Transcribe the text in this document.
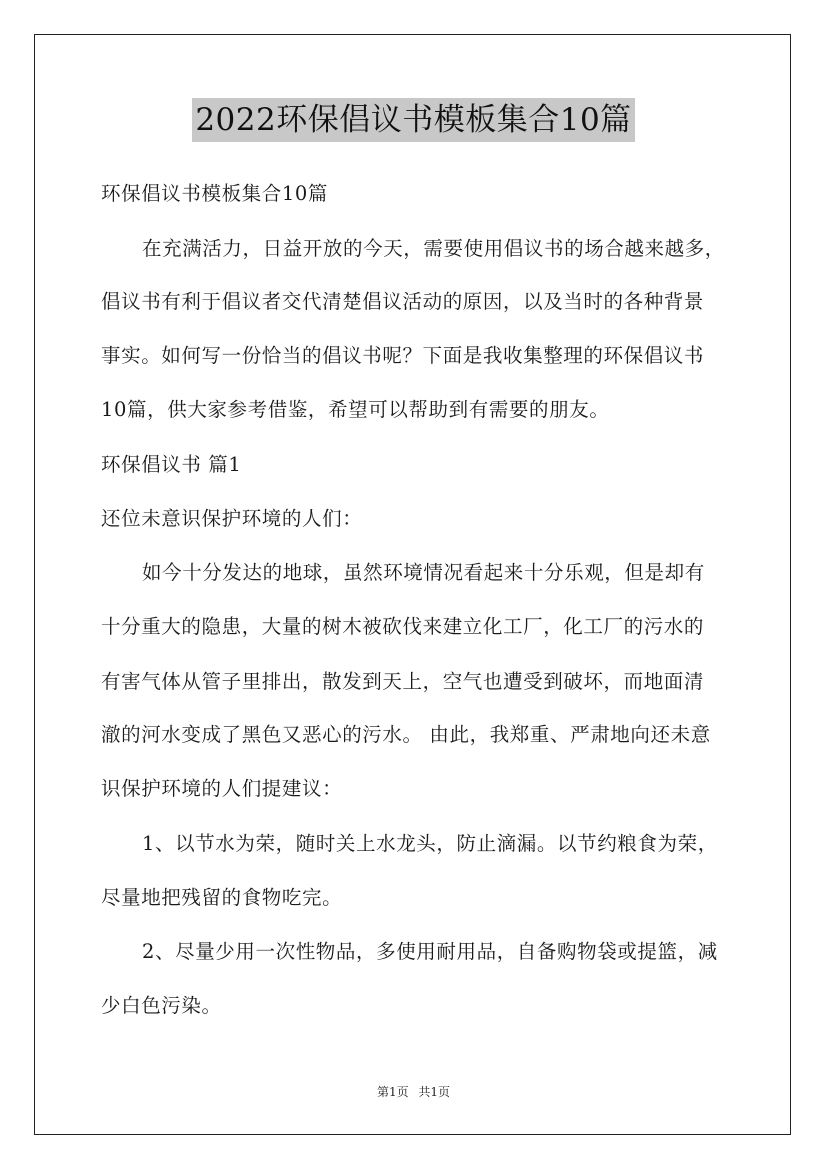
2022环保倡议书模板集合10篇
环保倡议书模板集合10篇
在充满活力，日益开放的今天，需要使用倡议书的场合越来越多，
倡议书有利于倡议者交代清楚倡议活动的原因，以及当时的各种背景
事实。如何写一份恰当的倡议书呢？下面是我收集整理的环保倡议书
10篇，供大家参考借鉴，希望可以帮助到有需要的朋友。
环保倡议书 篇1
还位未意识保护环境的人们：
如今十分发达的地球，虽然环境情况看起来十分乐观，但是却有
十分重大的隐患，大量的树木被砍伐来建立化工厂，化工厂的污水的
有害气体从管子里排出，散发到天上，空气也遭受到破坏，而地面清
澈的河水变成了黑色又恶心的污水。 由此，我郑重、严肃地向还未意
识保护环境的人们提建议：
1、以节水为荣，随时关上水龙头，防止滴漏。以节约粮食为荣，
尽量地把残留的食物吃完。
2、尽量少用一次性物品，多使用耐用品，自备购物袋或提篮，减
少白色污染。
第1页 共1页
